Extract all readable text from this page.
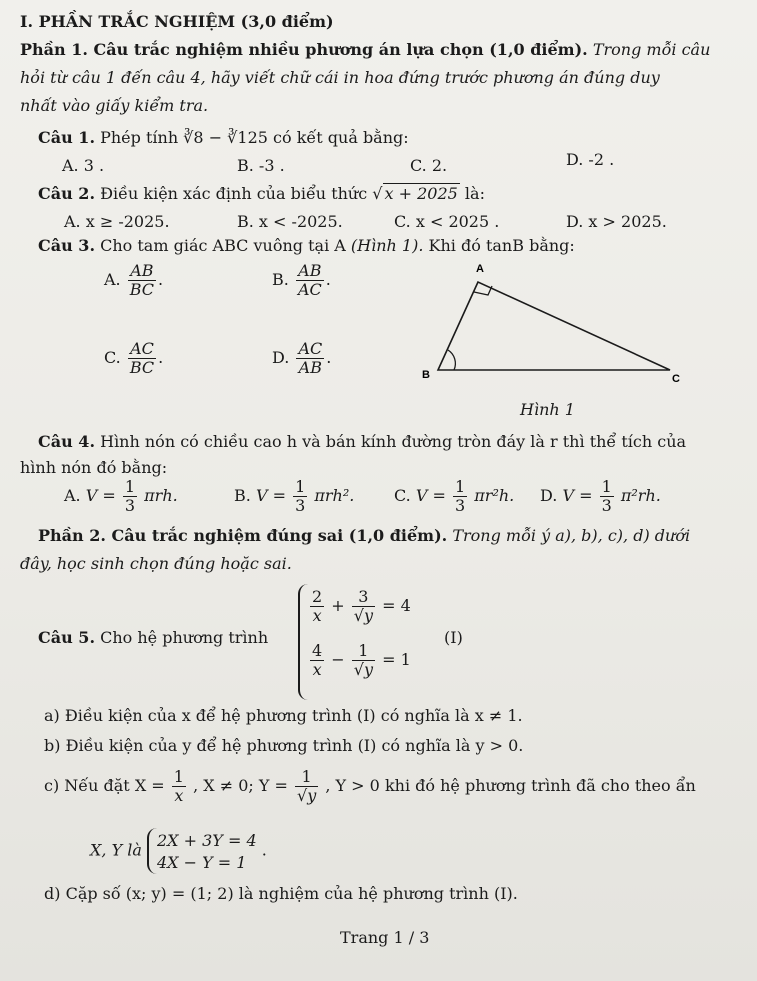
I. PHẦN TRẮC NGHIỆM (3,0 điểm)
Phần 1. Câu trắc nghiệm nhiều phương án lựa chọn (1,0 điểm). Trong mỗi câu
hỏi từ câu 1 đến câu 4, hãy viết chữ cái in hoa đứng trước phương án đúng duy
nhất vào giấy kiểm tra.
Câu 1. Phép tính ∛8 − ∛125 có kết quả bằng:
A. 3 .	B. -3 .	C. 2.	D. -2 .
Câu 2. Điều kiện xác định của biểu thức √ x + 2025 là:
A. x ≥ -2025.	B. x < -2025.	C. x < 2025 .	D. x > 2025.
Câu 3. Cho tam giác ABC vuông tại A (Hình 1). Khi đó tanB bằng:
A. $\frac{AB}{BC}$ .	B. $\frac{AB}{AC}$ .
C. $\frac{AC}{BC}$ .	D. $\frac{AC}{AB}$ .
A
B	C
Hình 1
Câu 4. Hình nón có chiều cao h và bán kính đường tròn đáy là r thì thể tích của
hình nón đó bằng:
A. $V = \frac{1}{3} \pi rh$.	B. $V = \frac{1}{3} \pi rh^2$. C. $V = \frac{1}{3} \pi r^2h$. D. $V = \frac{1}{3} \pi^2rh$.
Phần 2. Câu trắc nghiệm đúng sai (1,0 điểm). Trong mỗi ý a), b), c), d) dưới
đây, học sinh chọn đúng hoặc sai.
Câu 5. Cho hệ phương trình
$\frac{2}{x} + \frac{3}{√y} = 4$
$\frac{4}{x} - \frac{1}{√y} = 1$
(I)
a) Điều kiện của x để hệ phương trình (I) có nghĩa là x ≠ 1.
b) Điều kiện của y để hệ phương trình (I) có nghĩa là y > 0.
c) Nếu đặt $X = \frac{1}{x}$ , X ≠ 0; $Y = \frac{1}{√y}$ , Y > 0 khi đó hệ phương trình đã cho theo ẩn
X, Y là 2X + 3Y = 4
4X − Y = 1
.
d) Cặp số (x; y) = (1; 2) là nghiệm của hệ phương trình (I).
Trang 1 / 3
